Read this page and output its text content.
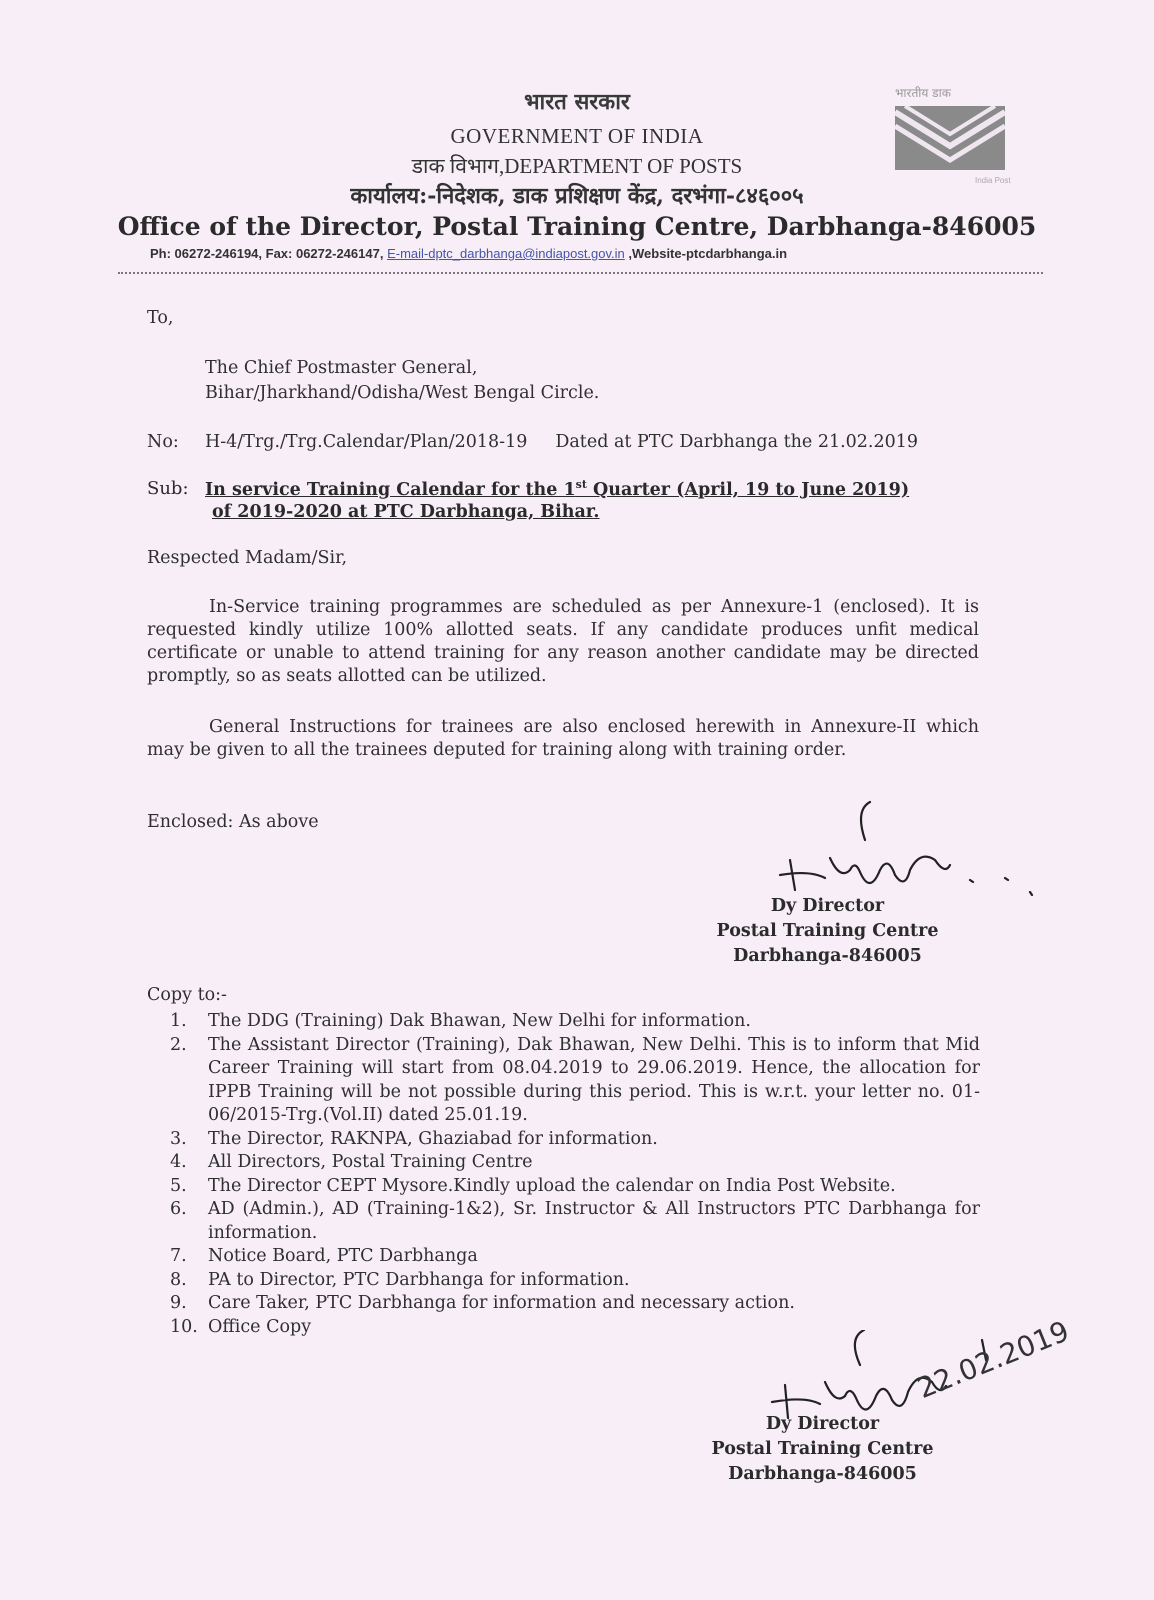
भारत सरकार
GOVERNMENT OF INDIA
डाक विभाग,DEPARTMENT OF POSTS
कार्यालय:-निदेशक, डाक प्रशिक्षण केंद्र, दरभंगा-८४६००५
Office of the Director, Postal Training Centre, Darbhanga-846005
Ph: 06272-246194, Fax: 06272-246147, E-mail-dptc_darbhanga@indiapost.gov.in ,Website-ptcdarbhanga.in
भारतीय डाक
India Post
To,
The Chief Postmaster General,
Bihar/Jharkhand/Odisha/West Bengal Circle.
No: H-4/Trg./Trg.Calendar/Plan/2018-19 Dated at PTC Darbhanga the 21.02.2019
Sub: In service Training Calendar for the 1st Quarter (April, 19 to June 2019)
of 2019-2020 at PTC Darbhanga, Bihar.
Respected Madam/Sir,
In-Service training programmes are scheduled as per Annexure-1 (enclosed). It is requested kindly utilize 100% allotted seats. If any candidate produces unfit medical certificate or unable to attend training for any reason another candidate may be directed promptly, so as seats allotted can be utilized.
General Instructions for trainees are also enclosed herewith in Annexure-II which may be given to all the trainees deputed for training along with training order.
Enclosed: As above
Dy Director
Postal Training Centre
Darbhanga-846005
Copy to:-
1.	The DDG (Training) Dak Bhawan, New Delhi for information.
2.	The Assistant Director (Training), Dak Bhawan, New Delhi. This is to inform that Mid Career Training will start from 08.04.2019 to 29.06.2019. Hence, the allocation for IPPB Training will be not possible during this period. This is w.r.t. your letter no. 01-06/2015-Trg.(Vol.II) dated 25.01.19.
3.	The Director, RAKNPA, Ghaziabad for information.
4.	All Directors, Postal Training Centre
5.	The Director CEPT Mysore.Kindly upload the calendar on India Post Website.
6.	AD (Admin.), AD (Training-1&2), Sr. Instructor & All Instructors PTC Darbhanga for information.
7.	Notice Board, PTC Darbhanga
8.	PA to Director, PTC Darbhanga for information.
9.	Care Taker, PTC Darbhanga for information and necessary action.
10. Office Copy	22.02.2019
Dy Director
Postal Training Centre
Darbhanga-846005
